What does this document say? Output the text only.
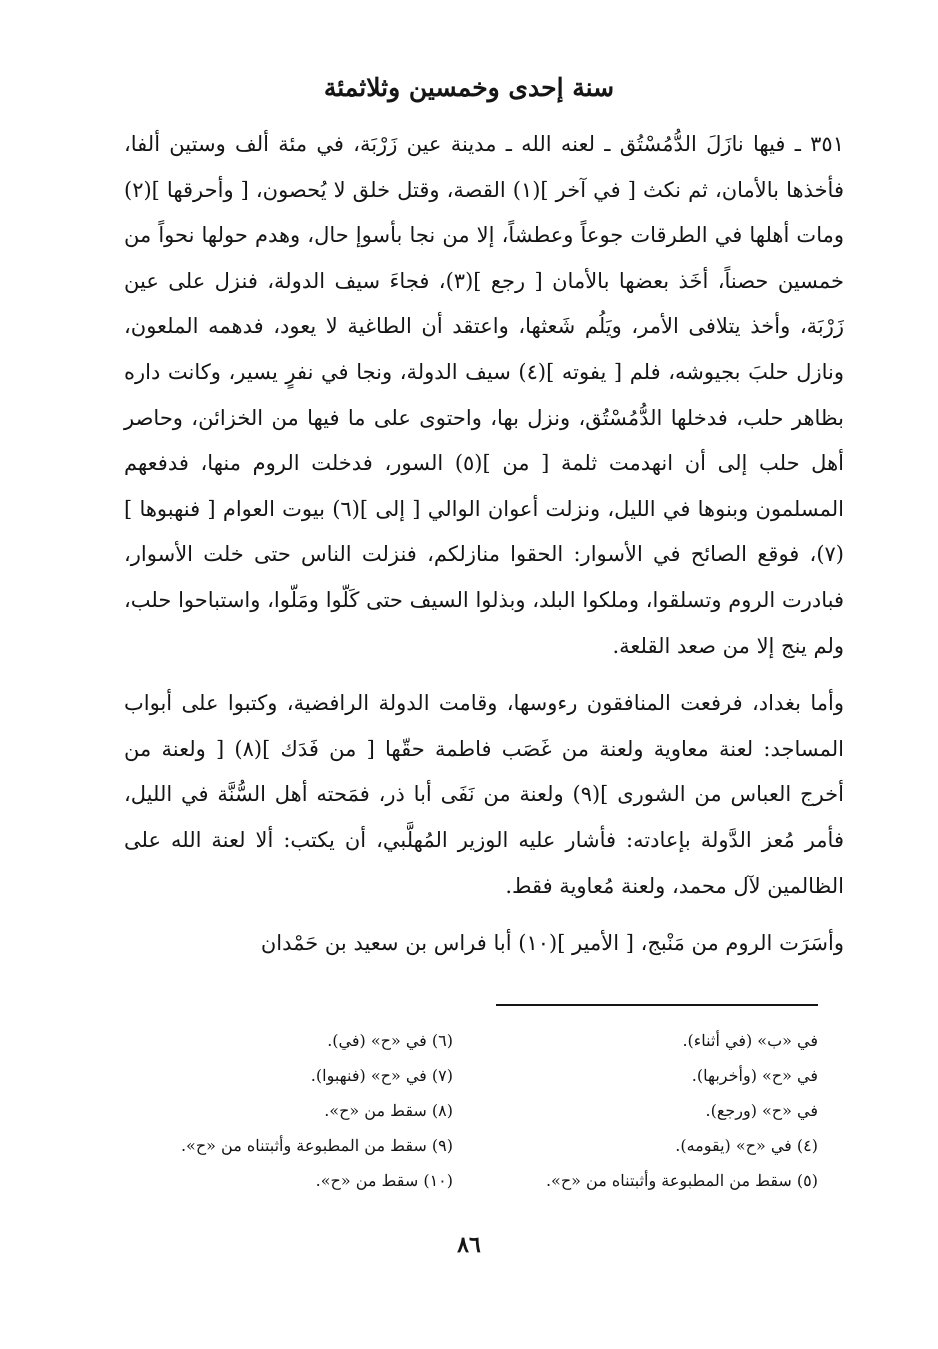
سنة إحدى وخمسين وثلاثمئة

٣٥١ ـ فيها نازَلَ الدُّمُسْتُق ـ لعنه الله ـ مدينة عين زَرْبَة، في مئة ألف وستين ألفا، فأخذها بالأمان، ثم نكث [ في آخر ](١) القصة، وقتل خلق لا يُحصون، [ وأحرقها ](٢) ومات أهلها في الطرقات جوعاً وعطشاً، إلا من نجا بأسوإ حال، وهدم حولها نحواً من خمسين حصناً، أخَذ بعضها بالأمان [ رجع ](٣)، فجاءَ سيف الدولة، فنزل على عين زَرْبَة، وأخذ يتلافى الأمر، ويَلُم شَعثها، واعتقد أن الطاغية لا يعود، فدهمه الملعون، ونازل حلبَ بجيوشه، فلم [ يفوته ](٤) سيف الدولة، ونجا في نفرٍ يسير، وكانت داره بظاهر حلب، فدخلها الدُّمُسْتُق، ونزل بها، واحتوى على ما فيها من الخزائن، وحاصر أهل حلب إلى أن انهدمت ثلمة [ من ](٥) السور، فدخلت الروم منها، فدفعهم المسلمون وبنوها في الليل، ونزلت أعوان الوالي [ إلى ](٦) بيوت العوام [ فنهبوها ](٧)، فوقع الصائح في الأسوار: الحقوا منازلكم، فنزلت الناس حتى خلت الأسوار، فبادرت الروم وتسلقوا، وملكوا البلد، وبذلوا السيف حتى كَلّوا ومَلّوا، واستباحوا حلب، ولم ينج إلا من صعد القلعة.

وأما بغداد، فرفعت المنافقون رءوسها، وقامت الدولة الرافضية، وكتبوا على أبواب المساجد: لعنة معاوية ولعنة من غَصَب فاطمة حقّها [ من فَدَك ](٨) [ ولعنة من أخرج العباس من الشورى ](٩) ولعنة من نَفَى أبا ذر، فمَحته أهل السُّنَّة في الليل، فأمر مُعز الدَّولة بإعادته: فأشار عليه الوزير المُهلَّبي، أن يكتب: ألا لعنة الله على الظالمين لآل محمد، ولعنة مُعاوية فقط.

وأسَرَت الروم من مَنْبج، [ الأمير ](١٠) أبا فراس بن سعيد بن حَمْدان

في «ب» (في أثناء).
في «ح» (وأخربها).
في «ح» (ورجع).
(٤) في «ح» (يقومه).
(٥) سقط من المطبوعة وأثبتناه من «ح».
(٦) في «ح» (في).
(٧) في «ح» (فنهبوا).
(٨) سقط من «ح».
(٩) سقط من المطبوعة وأثبتناه من «ح».
(١٠) سقط من «ح».
٨٦
